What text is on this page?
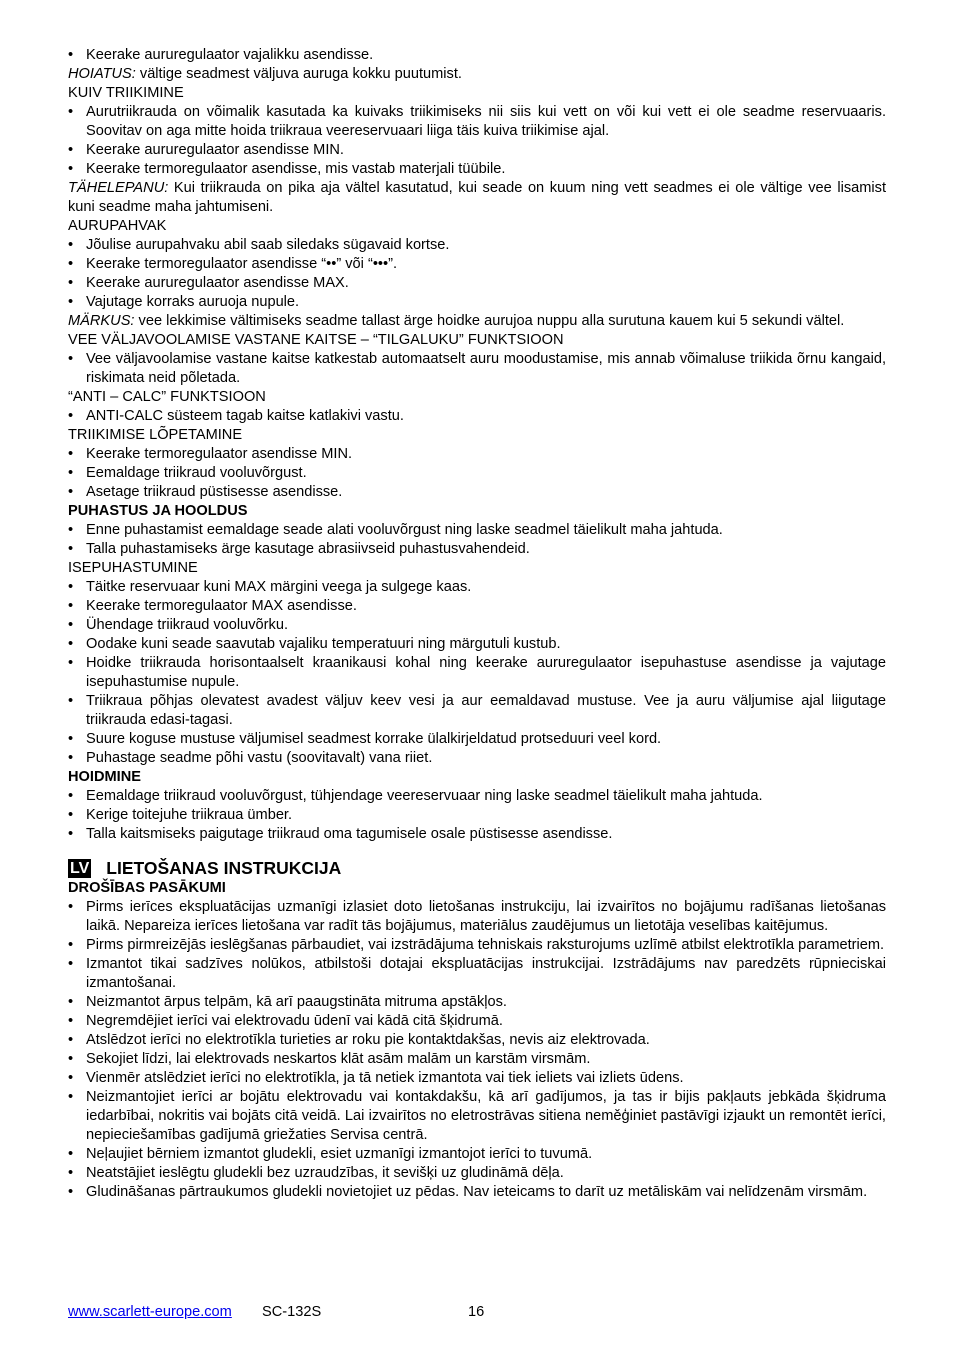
• Keerake aururegulaator vajalikku asendisse.
HOIATUS: vältige seadmest väljuva auruga kokku puutumist.
KUIV TRIIKIMINE
• Aurutriikrauda on võimalik kasutada ka kuivaks triikimiseks nii siis kui vett on või kui vett ei ole seadme reservuaaris. Soovitav on aga mitte hoida triikraua veereservuaari liiga täis kuiva triikimise ajal.
• Keerake aururegulaator asendisse MIN.
• Keerake termoregulaator asendisse, mis vastab materjali tüübile.
TÄHELEPANU: Kui triikrauda on pika aja vältel kasutatud, kui seade on kuum ning vett seadmes ei ole vältige vee lisamist kuni seadme maha jahtumiseni.
AURUPAHVAK
• Jõulise aurupahvaku abil saab siledaks sügavaid kortse.
• Keerake termoregulaator asendisse “••” või “•••”.
• Keerake aururegulaator asendisse MAX.
• Vajutage korraks auruoja nupule.
MÄRKUS: vee lekkimise vältimiseks seadme tallast ärge hoidke aurujoa nuppu alla surutuna kauem kui 5 sekundi vältel.
VEE VÄLJAVOOLAMISE VASTANE KAITSE – “TILGALUKU” FUNKTSIOON
• Vee väljavoolamise vastane kaitse katkestab automaatselt auru moodustamise, mis annab võimaluse triikida õrnu kangaid, riskimata neid põletada.
“ANTI – CALC” FUNKTSIOON
• ANTI-CALC süsteem tagab kaitse katlakivi vastu.
TRIIKIMISE LÕPETAMINE
• Keerake termoregulaator asendisse MIN.
• Eemaldage triikraud vooluvõrgust.
• Asetage triikraud püstisesse asendisse.
PUHASTUS JA HOOLDUS
• Enne puhastamist eemaldage seade alati vooluvõrgust ning laske seadmel täielikult maha jahtuda.
• Talla puhastamiseks ärge kasutage abrasiivseid puhastusvahendeid.
ISEPUHASTUMINE
• Täitke reservuaar kuni MAX märgini veega ja sulgege kaas.
• Keerake termoregulaator MAX asendisse.
• Ühendage triikraud vooluvõrku.
• Oodake kuni seade saavutab vajaliku temperatuuri ning märgutuli kustub.
• Hoidke triikrauda horisontaalselt kraanikausi kohal ning keerake aururegulaator isepuhastuse asendisse ja vajutage isepuhastumise nupule.
• Triikraua põhjas olevatest avadest väljuv keev vesi ja aur eemaldavad mustuse. Vee ja auru väljumise ajal liigutage triikrauda edasi-tagasi.
• Suure koguse mustuse väljumisel seadmest korrake ülalkirjeldatud protseduuri veel kord.
• Puhastage seadme põhi vastu (soovitavalt) vana riiet.
HOIDMINE
• Eemaldage triikraud vooluvõrgust, tühjendage veereservuaar ning laske seadmel täielikult maha jahtuda.
• Kerige toitejuhe triikraua ümber.
• Talla kaitsmiseks paigutage triikraud oma tagumisele osale püstisesse asendisse.
LV LIETOŠANAS INSTRUKCIJA
DROŠĪBAS PASĀKUMI
• Pirms ierīces ekspluatācijas uzmanīgi izlasiet doto lietošanas instrukciju, lai izvairītos no bojājumu radīšanas lietošanas laikā. Nepareiza ierīces lietošana var radīt tās bojājumus, materiālus zaudējumus un lietotāja veselības kaitējumus.
• Pirms pirmreizējās ieslēgšanas pārbaudiet, vai izstrādājuma tehniskais raksturojums uzlīmē atbilst elektrotīkla parametriem.
• Izmantot tikai sadzīves nolūkos, atbilstoši dotajai ekspluatācijas instrukcijai. Izstrādājums nav paredzēts rūpnieciskai izmantošanai.
• Neizmantot ārpus telpām, kā arī paaugstināta mitruma apstākļos.
• Negremdējiet ierīci vai elektrovadu ūdenī vai kādā citā šķidrumā.
• Atslēdzot ierīci no elektrotīkla turieties ar roku pie kontaktdakšas, nevis aiz elektrovada.
• Sekojiet līdzi, lai elektrovads neskartos klāt asām malām un karstām virsmām.
• Vienmēr atslēdziet ierīci no elektrotīkla, ja tā netiek izmantota vai tiek ieliets vai izliets ūdens.
• Neizmantojiet ierīci ar bojātu elektrovadu vai kontakdakšu, kā arī gadījumos, ja tas ir bijis pakļauts jebkāda šķidruma iedarbībai, nokritis vai bojāts citā veidā. Lai izvairītos no eletrostrāvas sitiena neměģiniet pastāvīgi izjaukt un remontēt ierīci, nepieciešamības gadījumā griežaties Servisa centrā.
• Neļaujiet bērniem izmantot gludekli, esiet uzmanīgi izmantojot ierīci to tuvumā.
• Neatstājiet ieslēgtu gludekli bez uzraudzības, it sevišķi uz gludināmā dēļa.
• Gludināšanas pārtraukumos gludekli novietojiet uz pēdas. Nav ieteicams to darīt uz metāliskām vai nelīdzenām virsmām.
www.scarlett-europe.com SC-132S	16
